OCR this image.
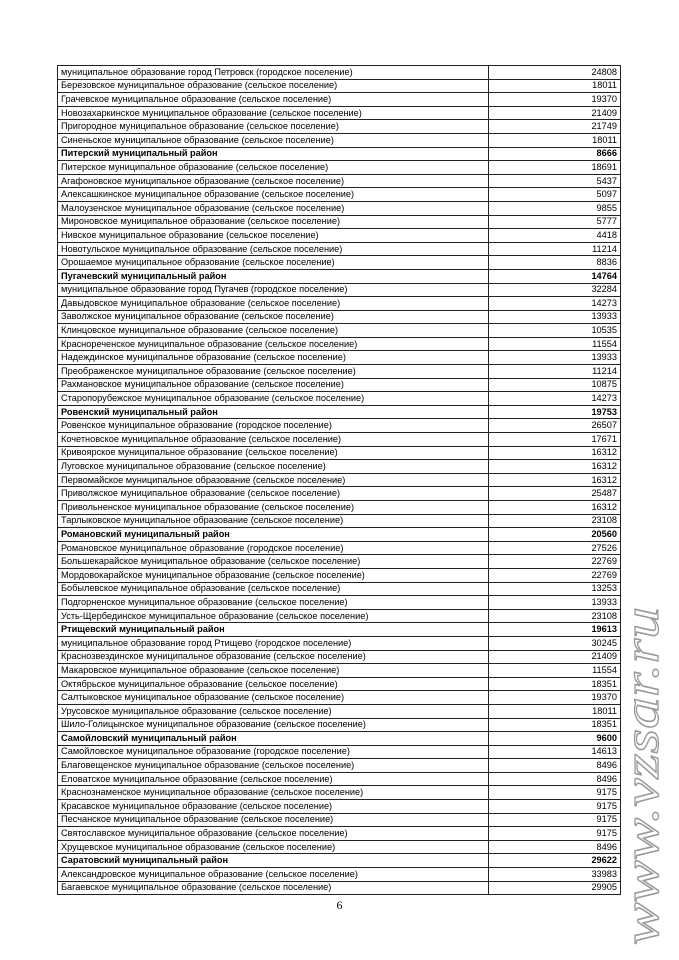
муниципальное образование город Петровск (городское поселение)	24808
Березовское муниципальное образование (сельское поселение)	18011
Грачевское муниципальное образование (сельское поселение)	19370
Новозахаркинское муниципальное образование (сельское поселение)	21409
Пригородное муниципальное образование (сельское поселение)	21749
Синеньское муниципальное образование (сельское поселение)	18011
Питерский муниципальный район	8666
Питерское муниципальное образование (сельское поселение)	18691
Агафоновское муниципальное образование (сельское поселение)	5437
Алексашкинское муниципальное образование (сельское поселение)	5097
Малоузенское муниципальное образование (сельское поселение)	9855
Мироновское муниципальное образование (сельское поселение)	5777
Нивское муниципальное образование (сельское поселение)	4418
Новотульское муниципальное образование (сельское поселение)	11214
Орошаемое муниципальное образование (сельское поселение)	8836
Пугачевский муниципальный район	14764
муниципальное образование город Пугачев (городское поселение)	32284
Давыдовское муниципальное образование (сельское поселение)	14273
Заволжское муниципальное образование (сельское поселение)	13933
Клинцовское муниципальное образование (сельское поселение)	10535
Краснореченское муниципальное образование (сельское поселение)	11554
Надеждинское муниципальное образование (сельское поселение)	13933
Преображенское муниципальное образование (сельское поселение)	11214
Рахмановское муниципальное образование (сельское поселение)	10875
Старопорубежское муниципальное образование (сельское поселение)	14273
Ровенский муниципальный район	19753
Ровенское муниципальное образование (городское поселение)	26507
Кочетновское муниципальное образование (сельское поселение)	17671
Кривоярское муниципальное образование (сельское поселение)	16312
Луговское муниципальное образование (сельское поселение)	16312
Первомайское муниципальное образование (сельское поселение)	16312
Приволжское муниципальное образование (сельское поселение)	25487
Привольненское муниципальное образование (сельское поселение)	16312
Тарлыковское муниципальное образование (сельское поселение)	23108
Романовский муниципальный район	20560
Романовское муниципальное образование (городское поселение)	27526
Большекарайское муниципальное образование (сельское поселение)	22769
Мордовокарайское муниципальное образование (сельское поселение)	22769
Бобылевское муниципальное образование (сельское поселение)	13253
Подгорненское муниципальное образование (сельское поселение)	13933
Усть-Щербединское муниципальное образование (сельское поселение)	23108
Ртищевский муниципальный район	19613
муниципальное образование город Ртищево (городское поселение)	30245
Краснозвездинское муниципальное образование (сельское поселение)	21409
Макаровское муниципальное образование (сельское поселение)	11554
Октябрьское муниципальное образование (сельское поселение)	18351
Салтыковское муниципальное образование (сельское поселение)	19370
Урусовское муниципальное образование (сельское поселение)	18011
Шило-Голицынское муниципальное образование (сельское поселение)	18351
Самойловский муниципальный район	9600
Самойловское муниципальное образование (городское поселение)	14613
Благовещенское муниципальное образование (сельское поселение)	8496
Еловатское муниципальное образование (сельское поселение)	8496
Краснознаменское муниципальное образование (сельское поселение)	9175
Красавское муниципальное образование (сельское поселение)	9175
Песчанское муниципальное образование (сельское поселение)	9175
Святославское муниципальное образование (сельское поселение)	9175
Хрущевское муниципальное образование (сельское поселение)	8496
Саратовский муниципальный район	29622
Александровское муниципальное образование (сельское поселение)	33983
Багаевское муниципальное образование (сельское поселение)	29905
6	www.vzsar.ru
